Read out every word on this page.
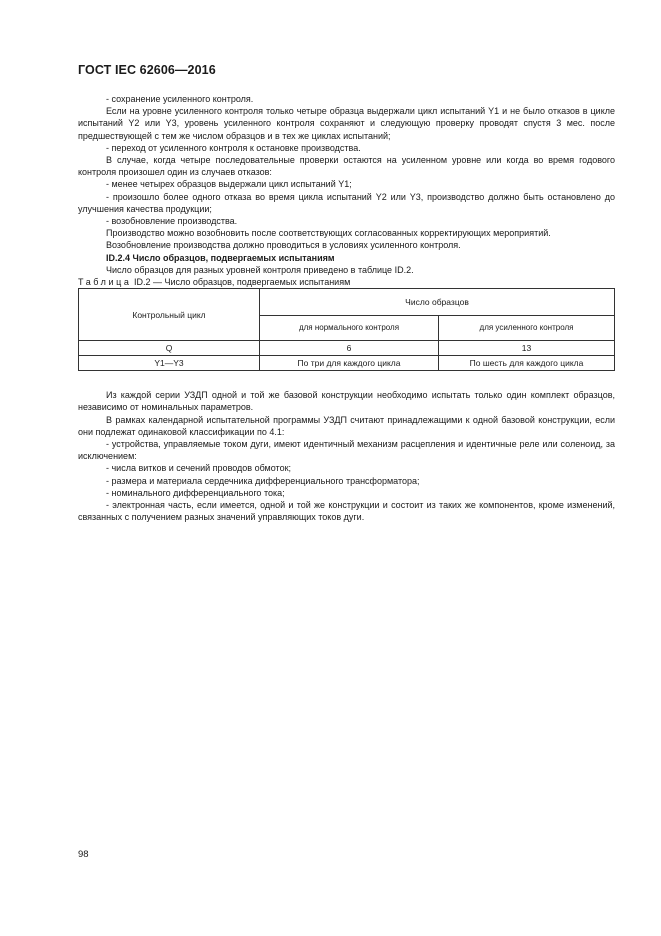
ГОСТ IEC 62606—2016

- сохранение усиленного контроля.

Если на уровне усиленного контроля только четыре образца выдержали цикл испытаний Y1 и не было отказов в цикле испытаний Y2 или Y3, уровень усиленного контроля сохраняют и следующую проверку проводят спустя 3 мес. после предшествующей с тем же числом образцов и в тех же циклах испытаний;

- переход от усиленного контроля к остановке производства.

В случае, когда четыре последовательные проверки остаются на усиленном уровне или когда во время годового контроля произошел один из случаев отказов:

- менее четырех образцов выдержали цикл испытаний Y1;

- произошло более одного отказа во время цикла испытаний Y2 или Y3, производство должно быть остановлено до улучшения качества продукции;

- возобновление производства.

Производство можно возобновить после соответствующих согласованных корректирующих мероприятий.

Возобновление производства должно проводиться в условиях усиленного контроля.

ID.2.4 Число образцов, подвергаемых испытаниям

Число образцов для разных уровней контроля приведено в таблице ID.2.

Таблица ID.2 — Число образцов, подвергаемых испытаниям

Контрольный цикл	Число образцов	
	для нормального контроля	для усиленного контроля
Q	6	13
Y1—Y3	По три для каждого цикла	По шесть для каждого цикла

Из каждой серии УЗДП одной и той же базовой конструкции необходимо испытать только один комплект образцов, независимо от номинальных параметров.

В рамках календарной испытательной программы УЗДП считают принадлежащими к одной базовой конструкции, если они подлежат одинаковой классификации по 4.1:

- устройства, управляемые током дуги, имеют идентичный механизм расцепления и идентичные реле или соленоид, за исключением:

- числа витков и сечений проводов обмоток;

- размера и материала сердечника дифференциального трансформатора;

- номинального дифференциального тока;

- электронная часть, если имеется, одной и той же конструкции и состоит из таких же компонентов, кроме изменений, связанных с получением разных значений управляющих токов дуги.

98
